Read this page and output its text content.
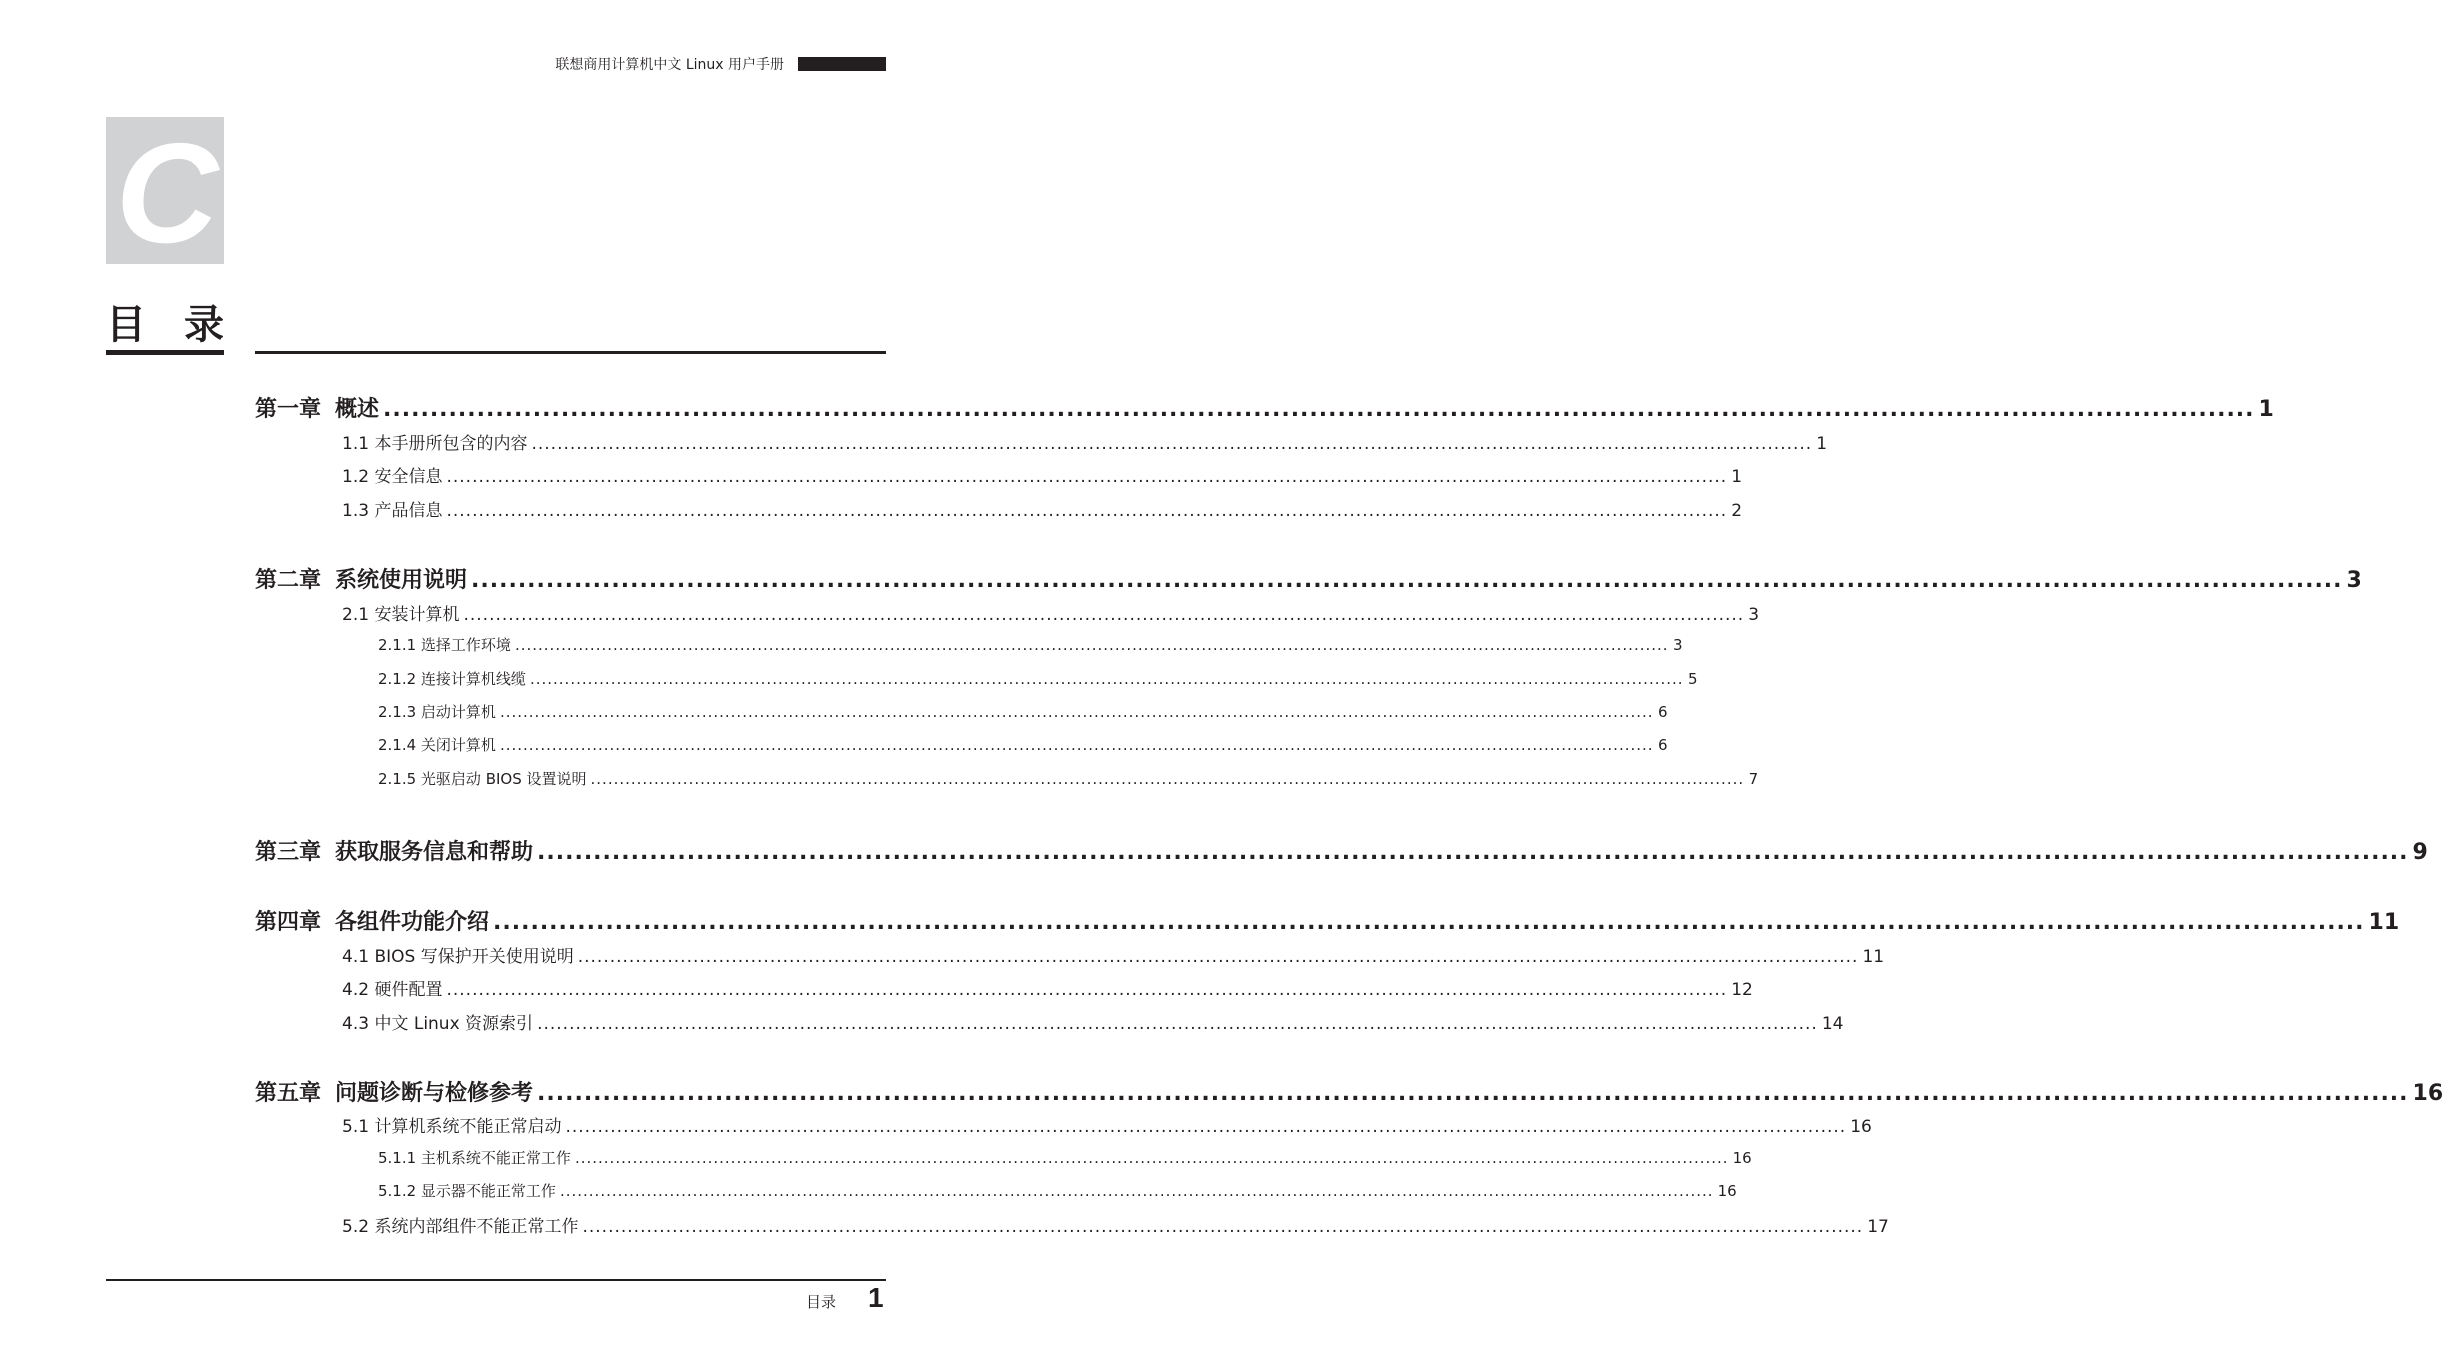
联想商用计算机中文 Linux 用户手册
C
目 录
第一章 概述 ........................................................................................................................................................................................................ 1
1.1 本手册所包含的内容 ........................................................................................................................................................................................................ 1
1.2 安全信息 ........................................................................................................................................................................................................ 1
1.3 产品信息 ........................................................................................................................................................................................................ 2
第二章 系统使用说明 ........................................................................................................................................................................................................ 3
2.1 安装计算机 ........................................................................................................................................................................................................ 3
2.1.1 选择工作环境 ........................................................................................................................................................................................................ 3
2.1.2 连接计算机线缆 ........................................................................................................................................................................................................ 5
2.1.3 启动计算机 ........................................................................................................................................................................................................ 6
2.1.4 关闭计算机 ........................................................................................................................................................................................................ 6
2.1.5 光驱启动 BIOS 设置说明 ........................................................................................................................................................................................................ 7
第三章 获取服务信息和帮助 ........................................................................................................................................................................................................ 9
第四章 各组件功能介绍 ........................................................................................................................................................................................................ 11
4.1 BIOS 写保护开关使用说明 ........................................................................................................................................................................................................ 11
4.2 硬件配置 ........................................................................................................................................................................................................ 12
4.3 中文 Linux 资源索引 ........................................................................................................................................................................................................ 14
第五章 问题诊断与检修参考 ........................................................................................................................................................................................................ 16
5.1 计算机系统不能正常启动 ........................................................................................................................................................................................................ 16
5.1.1 主机系统不能正常工作 ........................................................................................................................................................................................................ 16
5.1.2 显示器不能正常工作 ........................................................................................................................................................................................................ 16
5.2 系统内部组件不能正常工作 ........................................................................................................................................................................................................ 17
目录 1
